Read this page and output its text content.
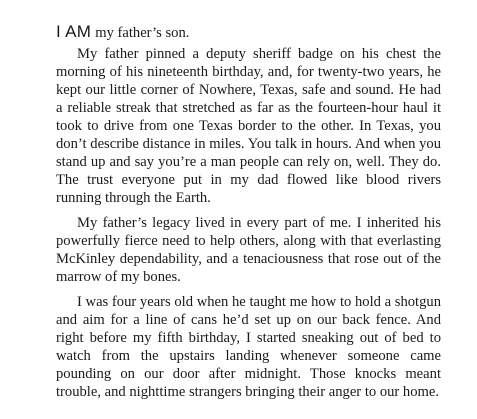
I AM my father’s son.

My father pinned a deputy sheriff badge on his chest the morning of his nineteenth birthday, and, for twenty-two years, he kept our little corner of Nowhere, Texas, safe and sound. He had a reliable streak that stretched as far as the fourteen-hour haul it took to drive from one Texas border to the other. In Texas, you don’t describe distance in miles. You talk in hours. And when you stand up and say you’re a man people can rely on, well. They do. The trust everyone put in my dad flowed like blood rivers running through the Earth.

My father’s legacy lived in every part of me. I inherited his powerfully fierce need to help others, along with that everlasting McKinley dependability, and a tenaciousness that rose out of the marrow of my bones.

I was four years old when he taught me how to hold a shotgun and aim for a line of cans he’d set up on our back fence. And right before my fifth birthday, I started sneaking out of bed to watch from the upstairs landing whenever someone came pounding on our door after midnight. Those knocks meant trouble, and nighttime strangers bringing their anger to our home.
